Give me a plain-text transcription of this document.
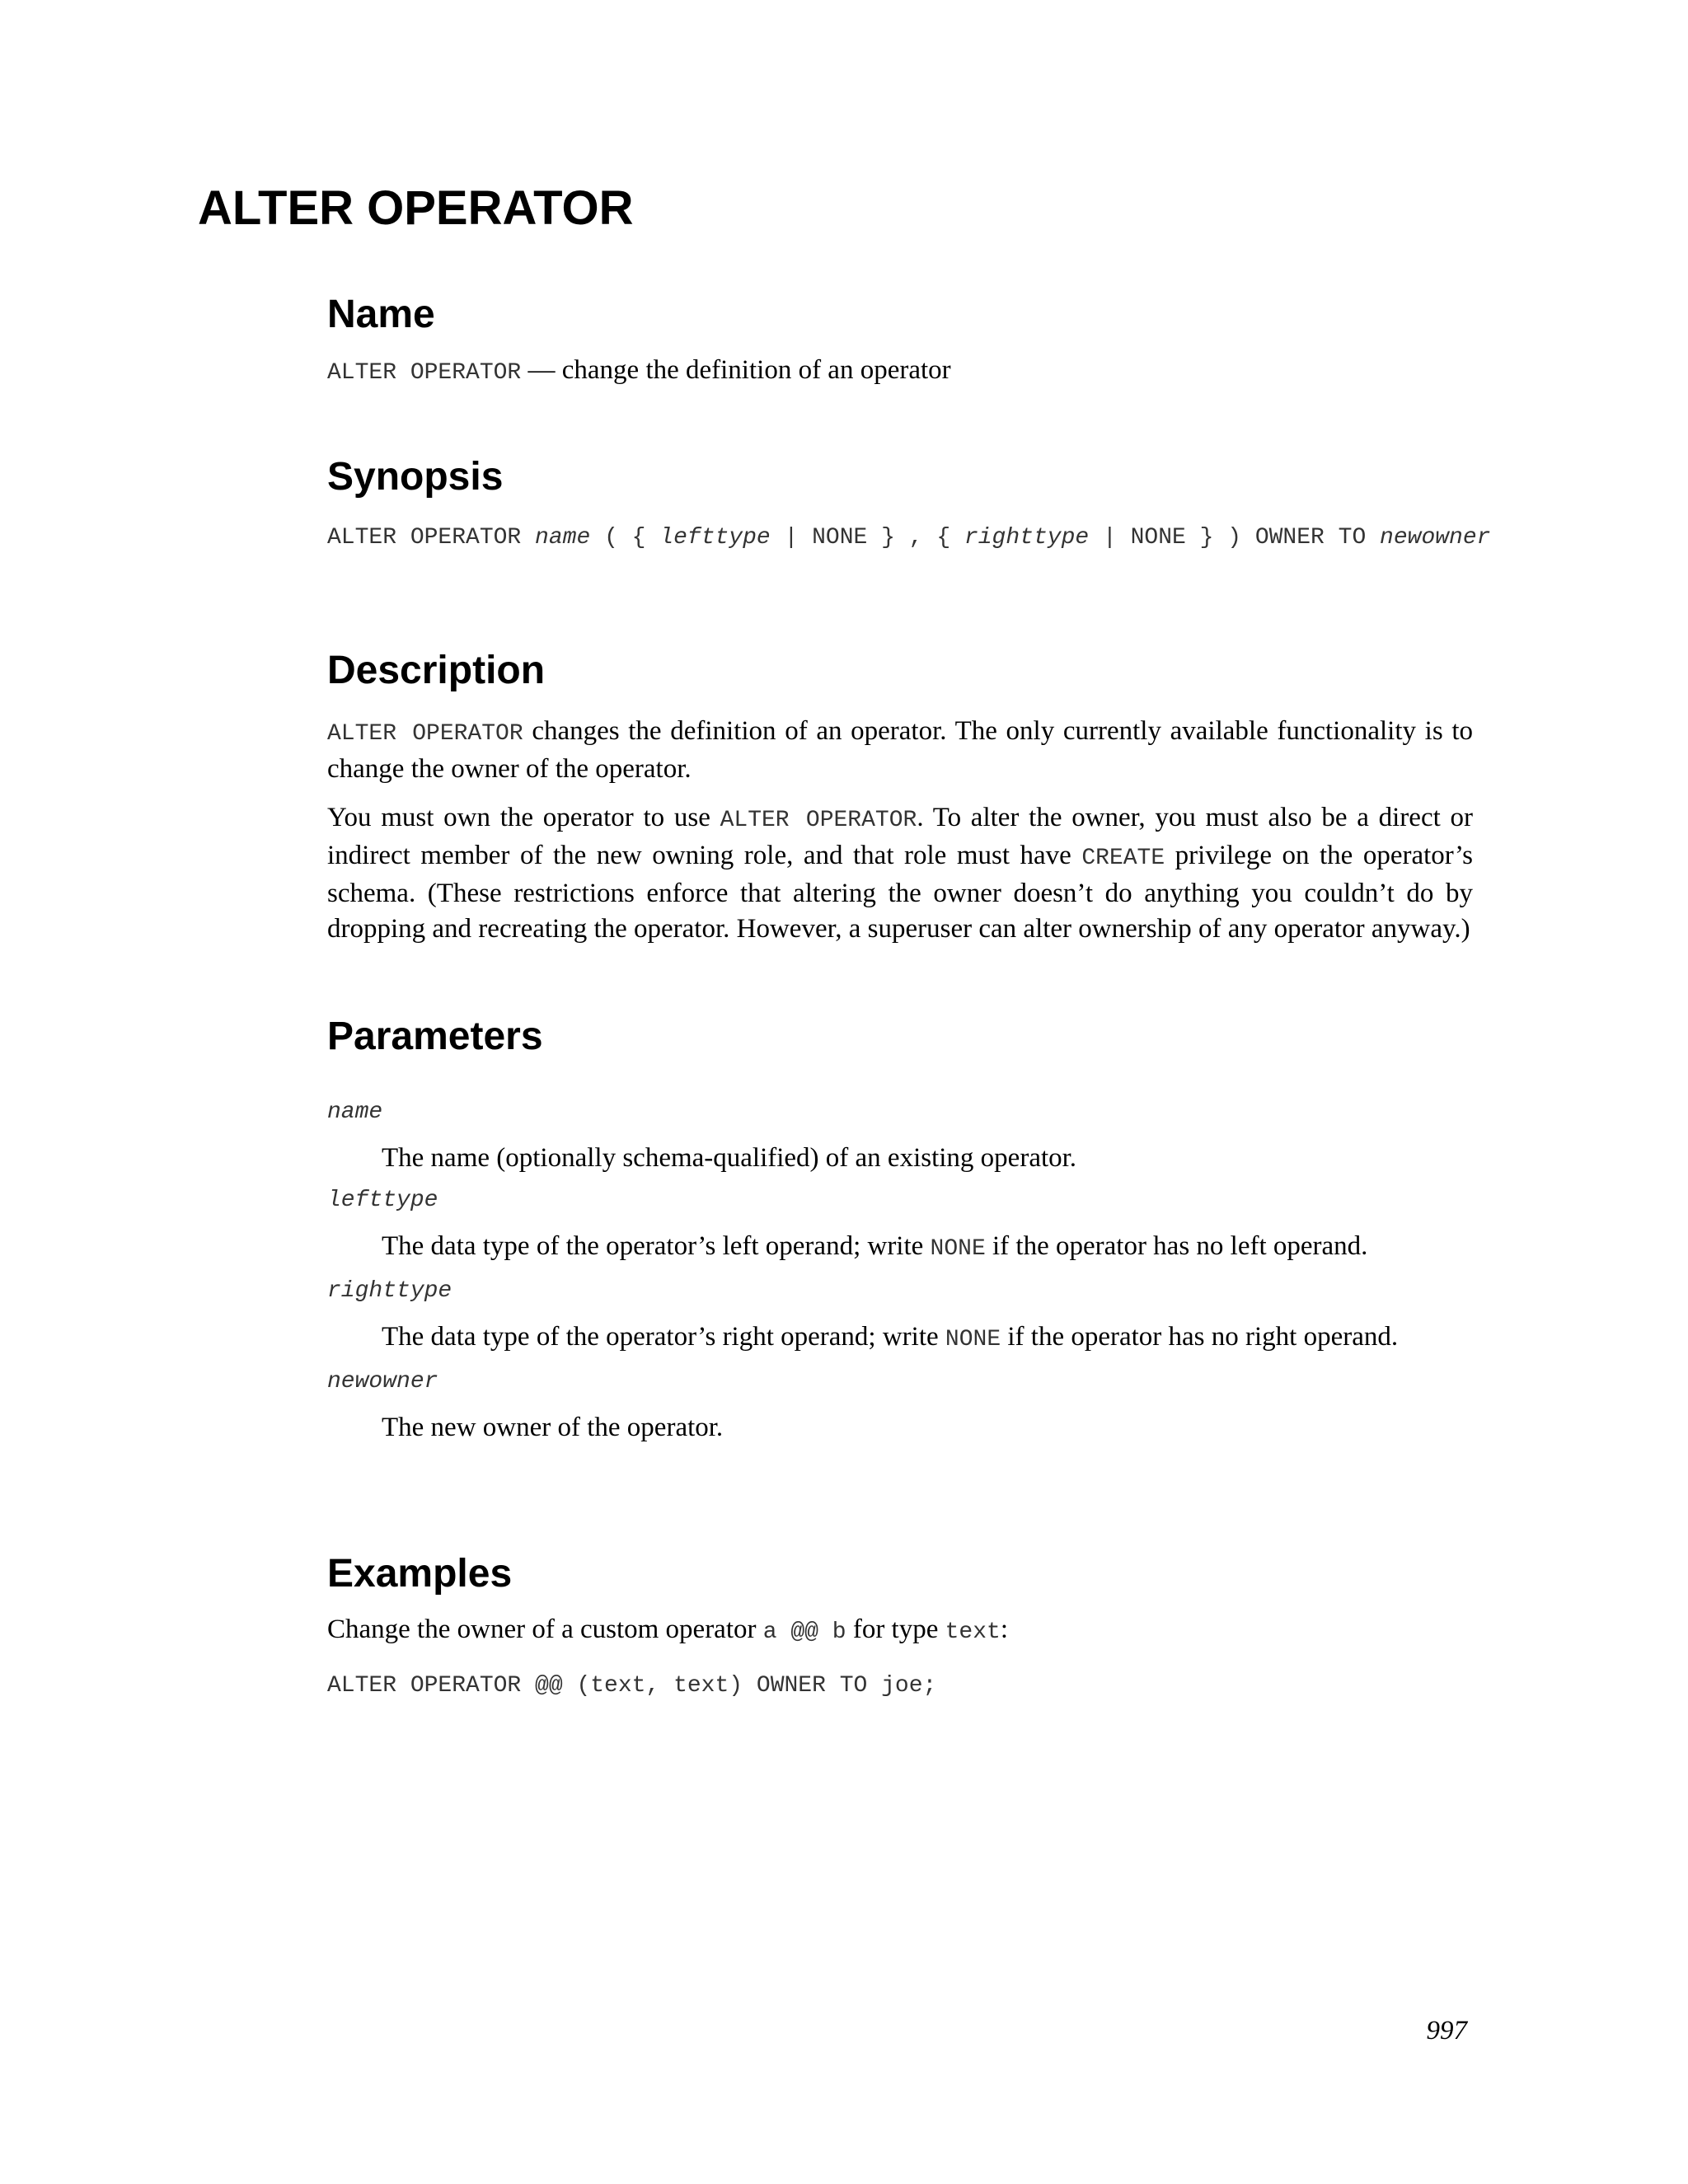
ALTER OPERATOR
Name

ALTER OPERATOR — change the definition of an operator

Synopsis
ALTER OPERATOR name ( { lefttype | NONE } , { righttype | NONE } ) OWNER TO newowner
Description

ALTER OPERATOR changes the definition of an operator. The only currently available functionality is to change the owner of the operator.

You must own the operator to use ALTER OPERATOR. To alter the owner, you must also be a direct or indirect member of the new owning role, and that role must have CREATE privilege on the operator’s schema. (These restrictions enforce that altering the owner doesn’t do anything you couldn’t do by dropping and recreating the operator. However, a superuser can alter ownership of any operator anyway.)

Parameters
name
The name (optionally schema-qualified) of an existing operator.
lefttype
The data type of the operator’s left operand; write NONE if the operator has no left operand.
righttype
The data type of the operator’s right operand; write NONE if the operator has no right operand.
newowner
The new owner of the operator.
Examples

Change the owner of a custom operator a @@ b for type text:

ALTER OPERATOR @@ (text, text) OWNER TO joe;
997
